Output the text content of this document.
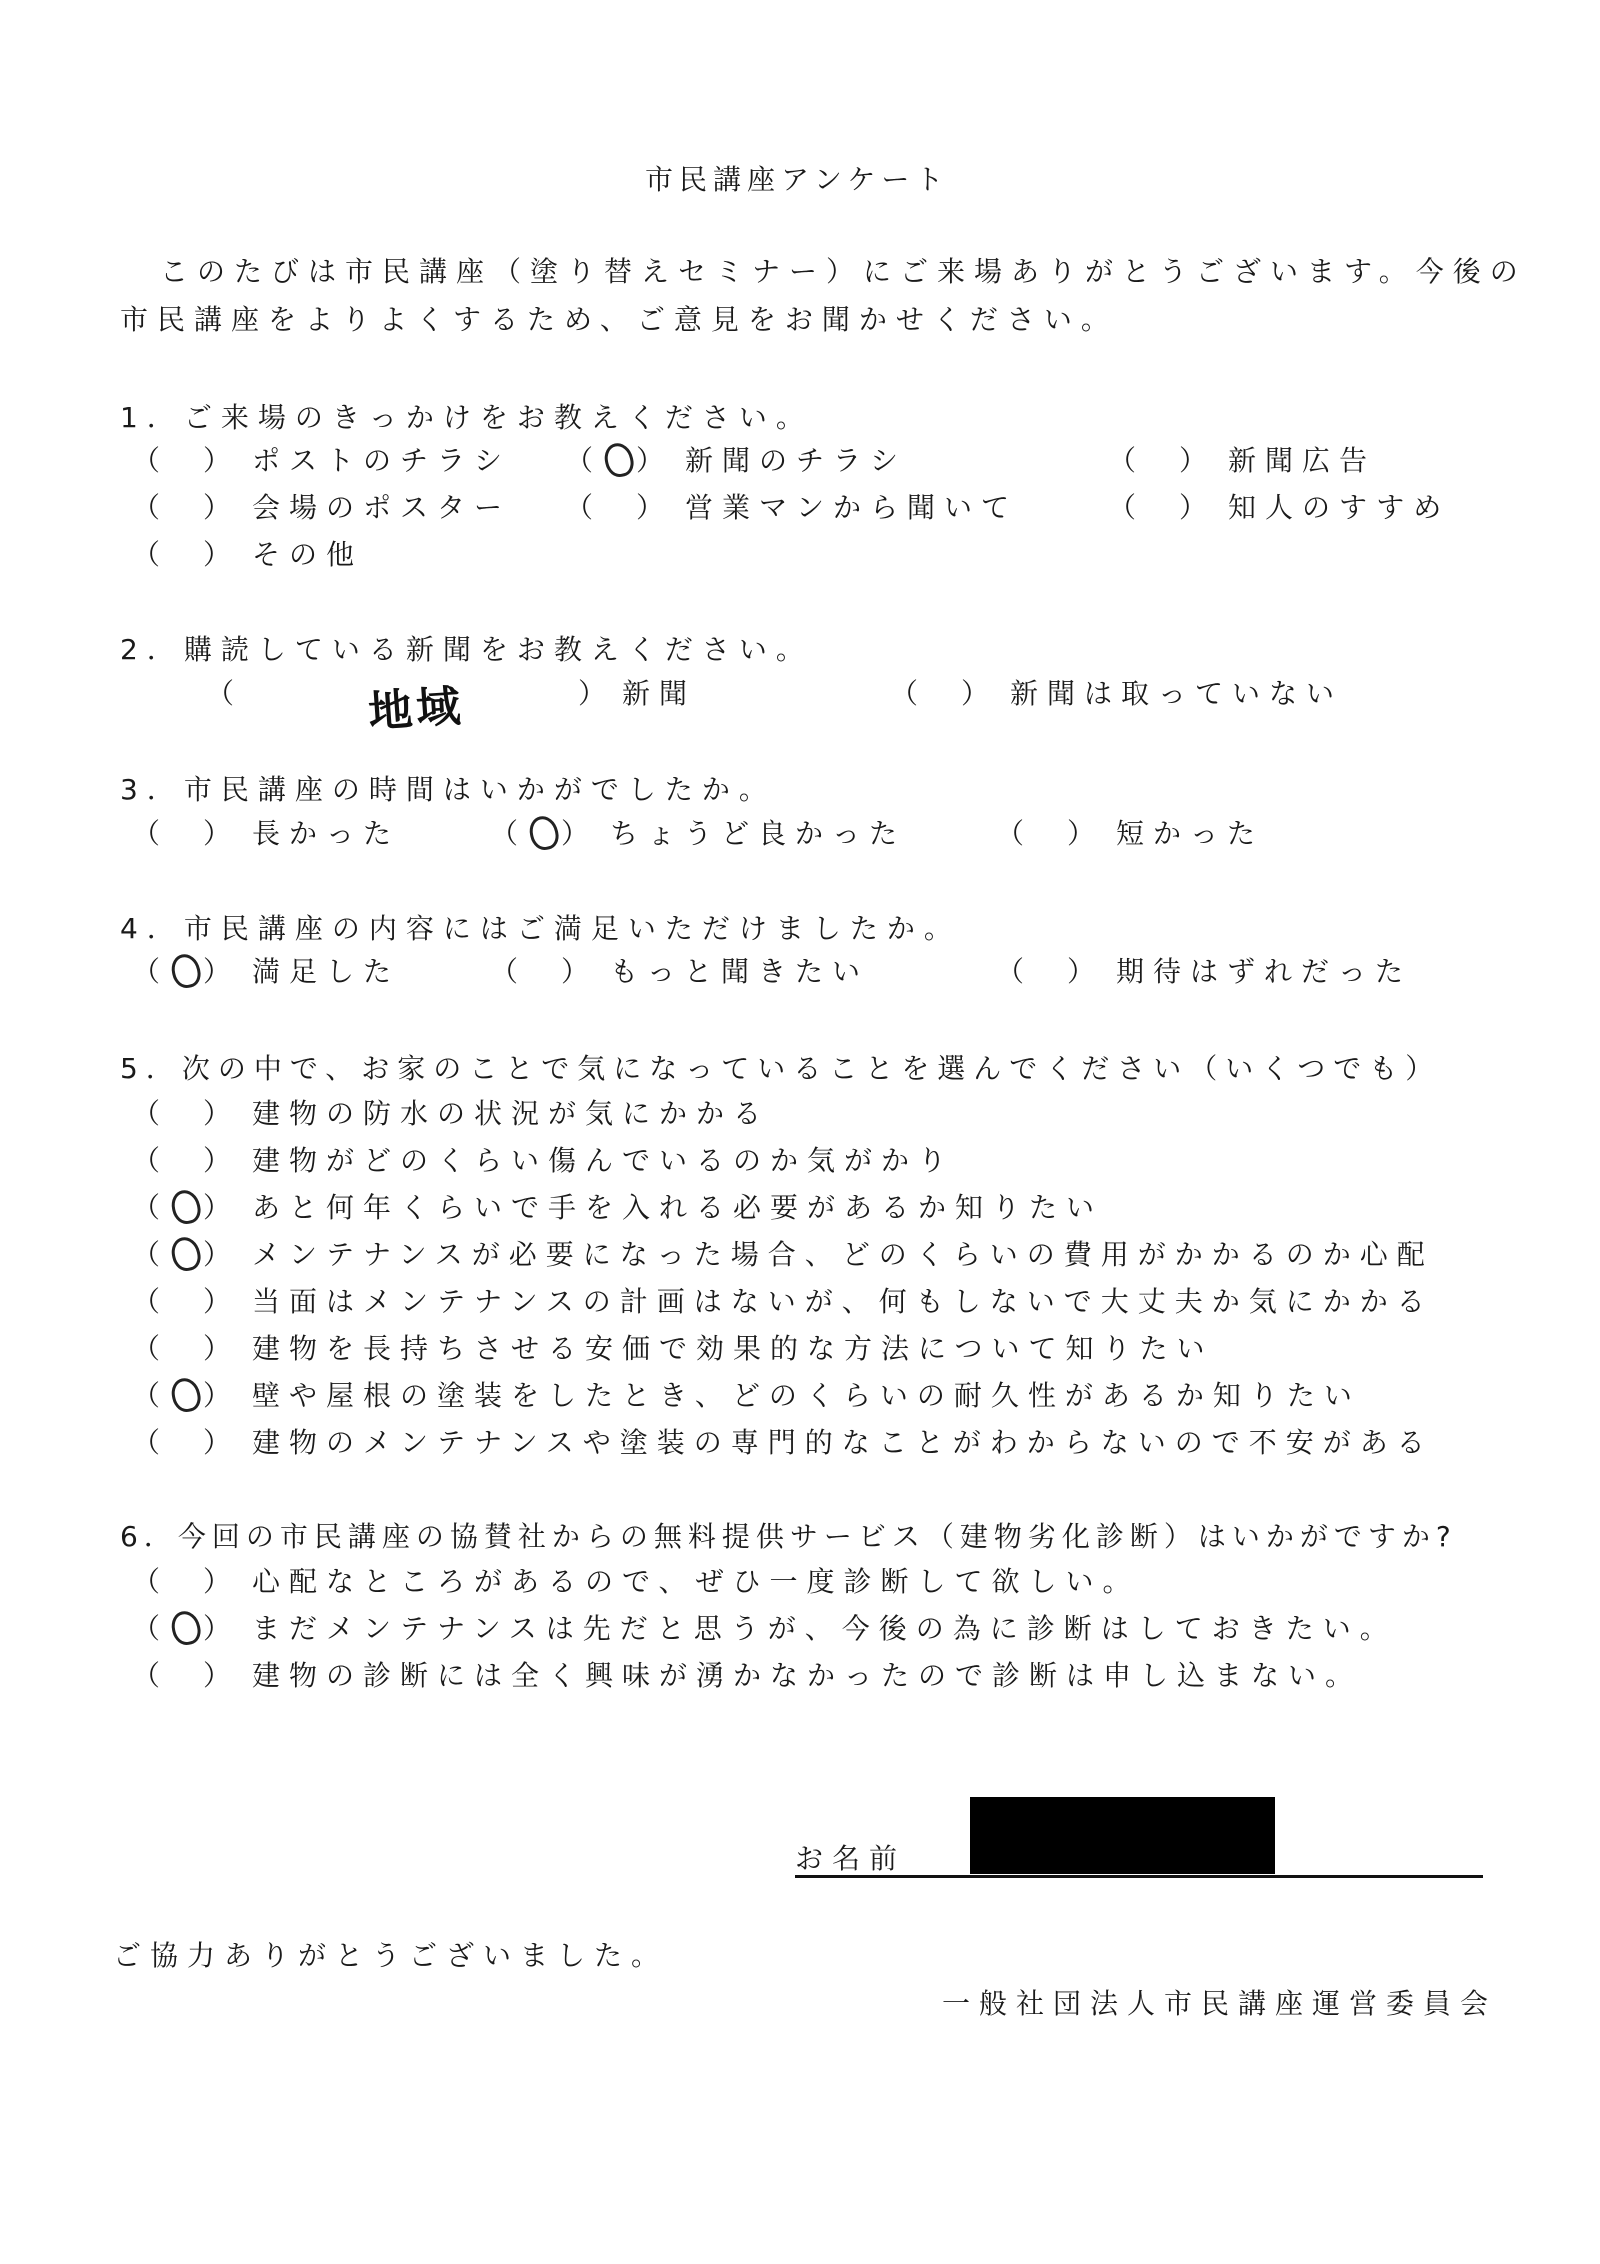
市民講座アンケート
このたびは市民講座（塗り替えセミナー）にご来場ありがとうございます。今後の
市民講座をよりよくするため、ご意見をお聞かせください。
1．ご来場のきっかけをお教えください。
（ ） ポストのチラシ （ ） 新聞のチラシ	（ ） 新聞広告
（ ） 会場のポスター （ ） 営業マンから聞いて	（ ） 知人のすすめ
（ ） その他
2．購読している新聞をお教えください。
（	地域	） 新聞	（ ） 新聞は取っていない
3．市民講座の時間はいかがでしたか。
（ ） 長かった	（ ） ちょうど良かった	（ ） 短かった
4．市民講座の内容にはご満足いただけましたか。
（ ） 満足した	（ ） もっと聞きたい	（ ） 期待はずれだった
5．次の中で、お家のことで気になっていることを選んでください（いくつでも）
（ ） 建物の防水の状況が気にかかる
（ ） 建物がどのくらい傷んでいるのか気がかり
（ ） あと何年くらいで手を入れる必要があるか知りたい
（ ） メンテナンスが必要になった場合、どのくらいの費用がかかるのか心配
（ ） 当面はメンテナンスの計画はないが、何もしないで大丈夫か気にかかる
（ ） 建物を長持ちさせる安価で効果的な方法について知りたい
（ ） 壁や屋根の塗装をしたとき、どのくらいの耐久性があるか知りたい
（ ） 建物のメンテナンスや塗装の専門的なことがわからないので不安がある
6．今回の市民講座の協賛社からの無料提供サービス（建物劣化診断）はいかがですか?
（ ） 心配なところがあるので、ぜひ一度診断して欲しい。
（ ） まだメンテナンスは先だと思うが、今後の為に診断はしておきたい。
（ ） 建物の診断には全く興味が湧かなかったので診断は申し込まない。
お名前
ご協力ありがとうございました。
一般社団法人市民講座運営委員会
